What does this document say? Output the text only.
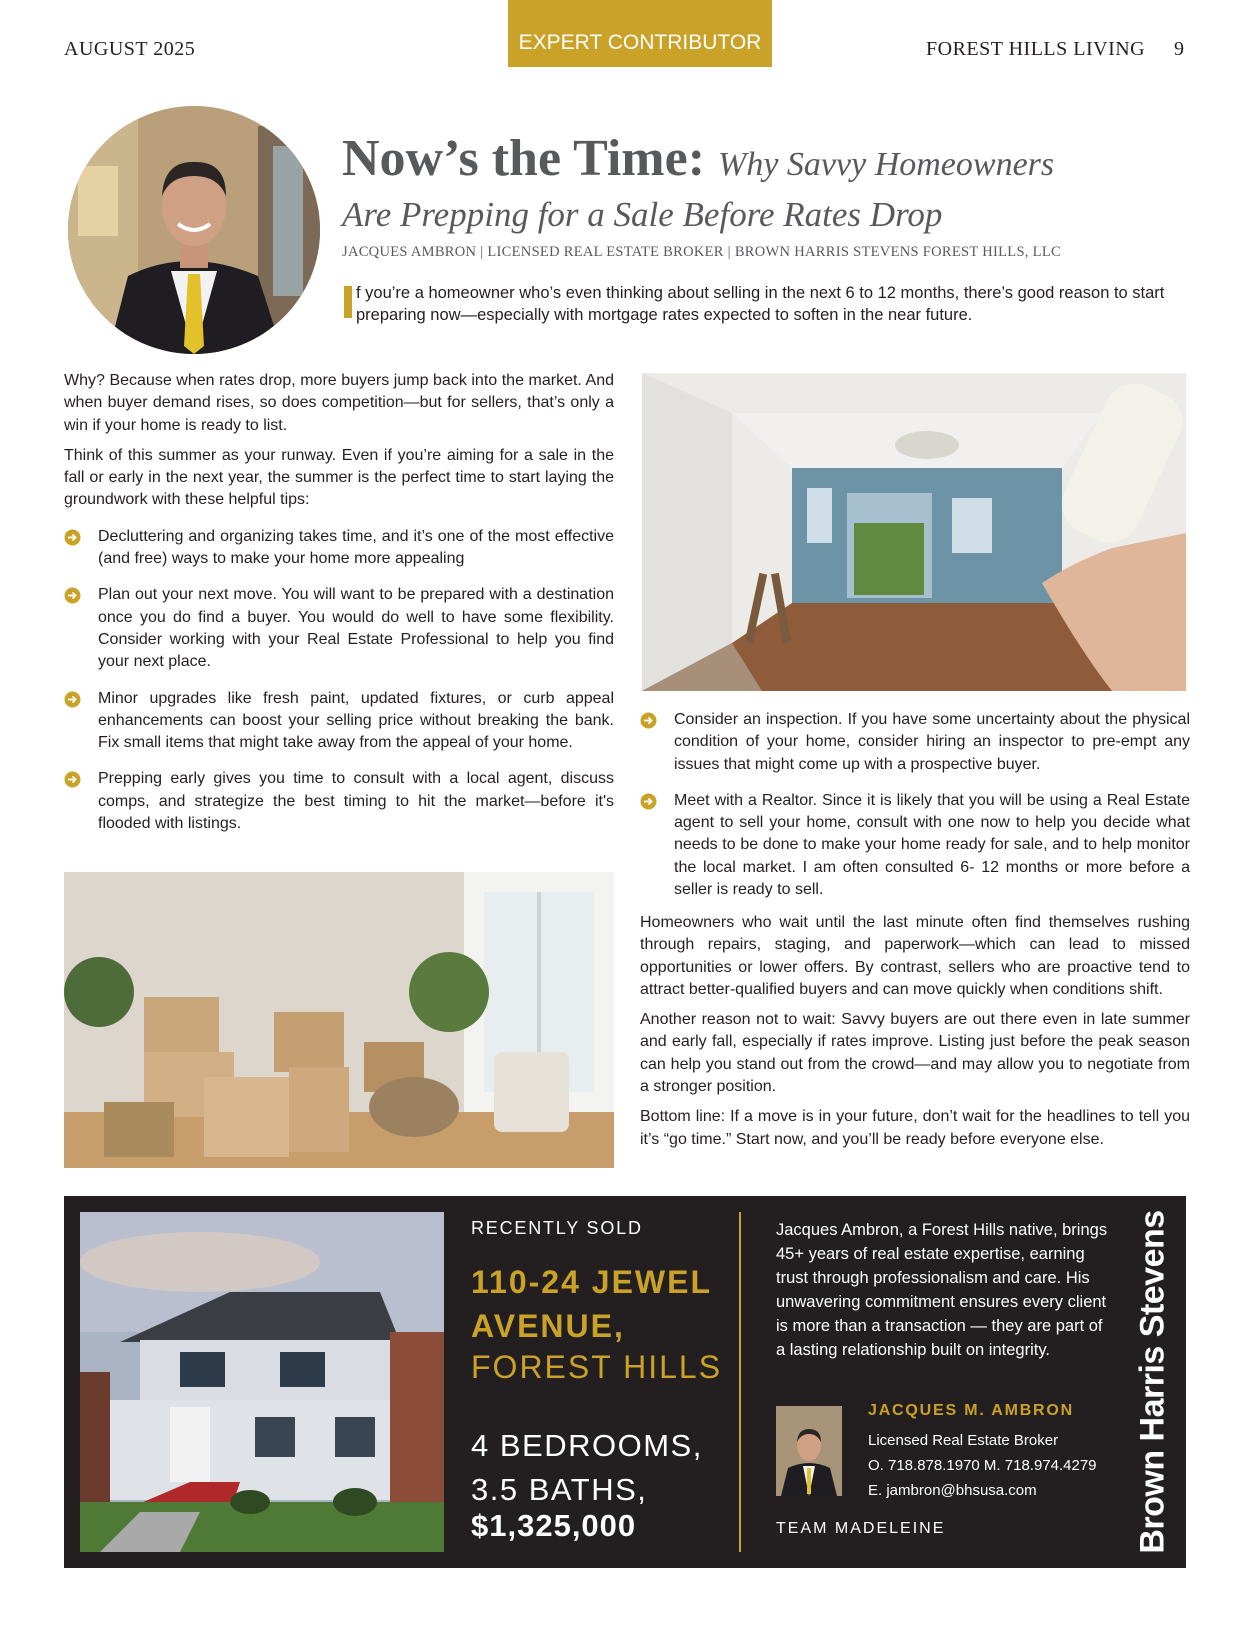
AUGUST 2025	EXPERT CONTRIBUTOR	FOREST HILLS LIVING 9
Now’s the Time: Why Savvy Homeowners
Are Prepping for a Sale Before Rates Drop
JACQUES AMBRON | LICENSED REAL ESTATE BROKER | BROWN HARRIS STEVENS FOREST HILLS, LLC
f you’re a homeowner who’s even thinking about selling in the next 6 to 12 months, there’s good reason to start preparing now—especially with mortgage rates expected to soften in the near future.

Why? Because when rates drop, more buyers jump back into the market. And when buyer demand rises, so does competition—but for sellers, that’s only a win if your home is ready to list.

Think of this summer as your runway. Even if you’re aiming for a sale in the fall or early in the next year, the summer is the perfect time to start laying the groundwork with these helpful tips:

Decluttering and organizing takes time, and it’s one of the most effective (and free) ways to make your home more appealing
Plan out your next move. You will want to be prepared with a destination once you do find a buyer. You would do well to have some flexibility. Consider working with your Real Estate Professional to help you find your next place.
Minor upgrades like fresh paint, updated fixtures, or curb appeal enhancements can boost your selling price without breaking the bank. Fix small items that might take away from the appeal of your home.
Prepping early gives you time to consult with a local agent, discuss comps, and strategize the best timing to hit the market—before it's flooded with listings.
Consider an inspection. If you have some uncertainty about the physical condition of your home, consider hiring an inspector to pre-empt any issues that might come up with a prospective buyer.
Meet with a Realtor. Since it is likely that you will be using a Real Estate agent to sell your home, consult with one now to help you decide what needs to be done to make your home ready for sale, and to help monitor the local market. I am often consulted 6- 12 months or more before a seller is ready to sell.

Homeowners who wait until the last minute often find themselves rushing through repairs, staging, and paperwork—which can lead to missed opportunities or lower offers. By contrast, sellers who are proactive tend to attract better-qualified buyers and can move quickly when conditions shift.

Another reason not to wait: Savvy buyers are out there even in late summer and early fall, especially if rates improve. Listing just before the peak season can help you stand out from the crowd—and may allow you to negotiate from a stronger position.

Bottom line: If a move is in your future, don’t wait for the headlines to tell you it’s “go time.” Start now, and you’ll be ready before everyone else.

RECENTLY SOLD
110-24 JEWEL
AVENUE,
FOREST HILLS
4 BEDROOMS,
3.5 BATHS,
$1,325,000
Jacques Ambron, a Forest Hills native, brings 45+ years of real estate expertise, earning trust through professionalism and care. His unwavering commitment ensures every client is more than a transaction — they are part of a lasting relationship built on integrity.
JACQUES M. AMBRON
Licensed Real Estate Broker
O. 718.878.1970 M. 718.974.4279
E. jambron@bhsusa.com
TEAM MADELEINE	Brown Harris Stevens
